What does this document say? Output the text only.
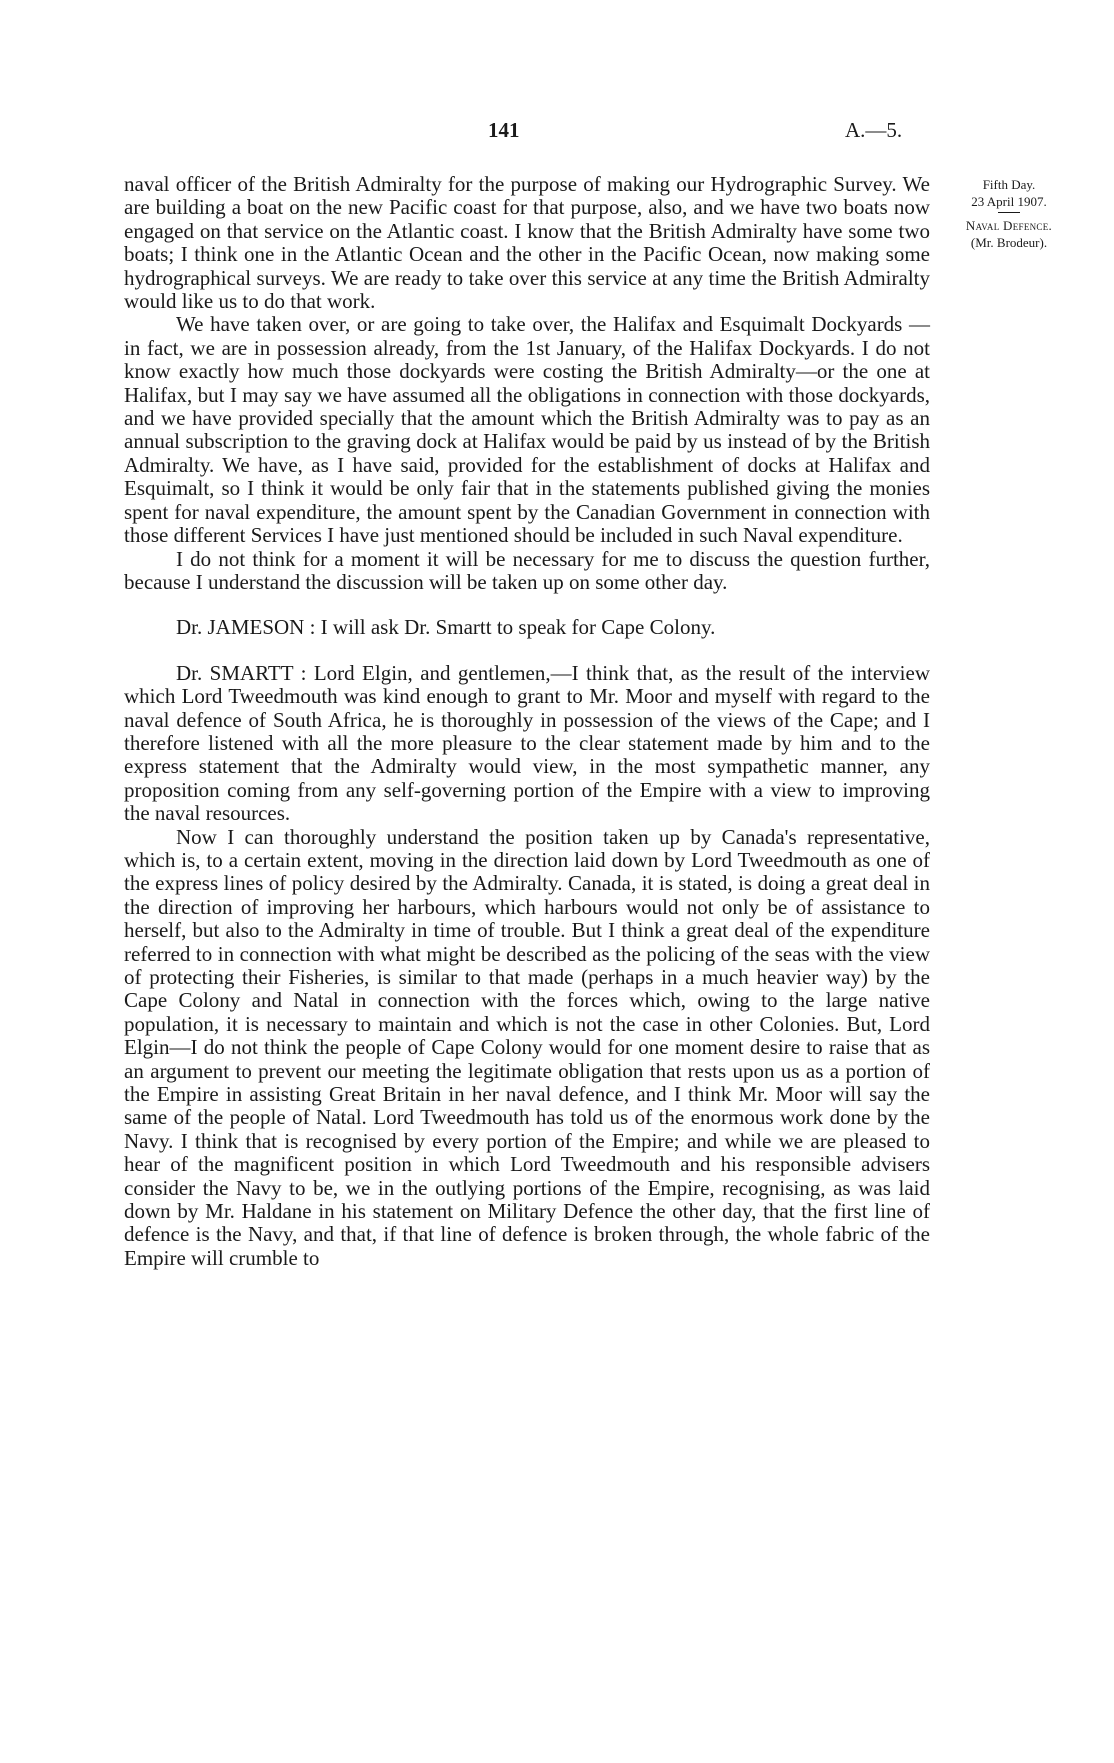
141	A.—5.
Fifth Day.
23 April 1907.
Naval Defence.
(Mr. Brodeur).

naval officer of the British Admiralty for the purpose of making our Hydrographic Survey. We are building a boat on the new Pacific coast for that purpose, also, and we have two boats now engaged on that service on the Atlantic coast. I know that the British Admiralty have some two boats; I think one in the Atlantic Ocean and the other in the Pacific Ocean, now making some hydrographical surveys. We are ready to take over this service at any time the British Admiralty would like us to do that work.

We have taken over, or are going to take over, the Halifax and Esquimalt Dockyards — in fact, we are in possession already, from the 1st January, of the Halifax Dockyards. I do not know exactly how much those dockyards were costing the British Admiralty—or the one at Halifax, but I may say we have assumed all the obligations in connection with those dockyards, and we have provided specially that the amount which the British Admiralty was to pay as an annual subscription to the graving dock at Halifax would be paid by us instead of by the British Admiralty. We have, as I have said, provided for the establishment of docks at Halifax and Esquimalt, so I think it would be only fair that in the statements published giving the monies spent for naval expenditure, the amount spent by the Canadian Government in connection with those different Services I have just mentioned should be included in such Naval expenditure.

I do not think for a moment it will be necessary for me to discuss the question further, because I understand the discussion will be taken up on some other day.

Dr. JAMESON : I will ask Dr. Smartt to speak for Cape Colony.

Dr. SMARTT : Lord Elgin, and gentlemen,—I think that, as the result of the interview which Lord Tweedmouth was kind enough to grant to Mr. Moor and myself with regard to the naval defence of South Africa, he is thoroughly in possession of the views of the Cape; and I therefore listened with all the more pleasure to the clear statement made by him and to the express statement that the Admiralty would view, in the most sympathetic manner, any proposition coming from any self-governing portion of the Empire with a view to improving the naval resources.

Now I can thoroughly understand the position taken up by Canada's representative, which is, to a certain extent, moving in the direction laid down by Lord Tweedmouth as one of the express lines of policy desired by the Admiralty. Canada, it is stated, is doing a great deal in the direction of improving her harbours, which harbours would not only be of assistance to herself, but also to the Admiralty in time of trouble. But I think a great deal of the expenditure referred to in connection with what might be described as the policing of the seas with the view of protecting their Fisheries, is similar to that made (perhaps in a much heavier way) by the Cape Colony and Natal in connection with the forces which, owing to the large native population, it is necessary to maintain and which is not the case in other Colonies. But, Lord Elgin—I do not think the people of Cape Colony would for one moment desire to raise that as an argument to prevent our meeting the legitimate obligation that rests upon us as a portion of the Empire in assisting Great Britain in her naval defence, and I think Mr. Moor will say the same of the people of Natal. Lord Tweedmouth has told us of the enormous work done by the Navy. I think that is recognised by every portion of the Empire; and while we are pleased to hear of the magnificent position in which Lord Tweedmouth and his responsible advisers consider the Navy to be, we in the outlying portions of the Empire, recognising, as was laid down by Mr. Haldane in his statement on Military Defence the other day, that the first line of defence is the Navy, and that, if that line of defence is broken through, the whole fabric of the Empire will crumble to
